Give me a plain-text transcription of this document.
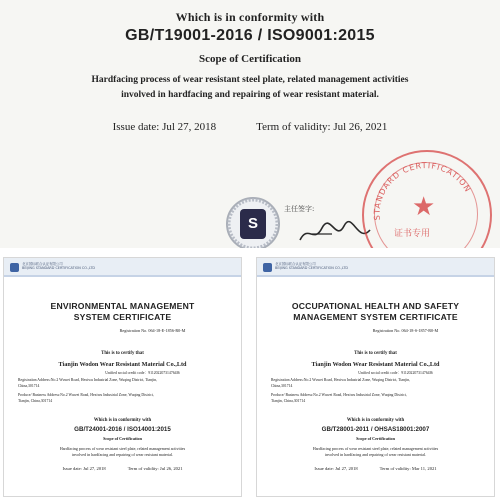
Which is in conformity with
GB/T19001-2016 / ISO9001:2015
Scope of Certification
Hardfacing process of wear resistant steel plate, related management activities
involved in hardfacing and repairing of wear resistant material.
Issue date: Jul 27, 2018	Term of validity: Jul 26, 2021
S
主任签字:
STANDARD CERTIFICATION
★
证书专用
北京国标联合认证有限公司
BEIJING STANDARD CERTIFICATION CO.,LTD
ENVIRONMENTAL MANAGEMENT
SYSTEM CERTIFICATE
Registration No. 064-18-E-1856-R0-M
This is to certify that
Tianjin Wodon Wear Resistant Material Co.,Ltd
Unified social credit code：911202207314764I6
Registration Address:No.2 Wuwei Road, Hexiwu Industrial Zone, Wuqing District, Tianjin,
China,301714
Produce/ Business Address:No.2 Wuwei Road, Hexiwu Industrial Zone, Wuqing District,
Tianjin, China,301714
Which is in conformity with
GB/T24001-2016 / ISO14001:2015
Scope of Certification
Hardfacing process of wear resistant steel plate, related management activities
involved in hardfacing and repairing of wear resistant material.
Issue date: Jul 27, 2018	Term of validity: Jul 26, 2021
北京国标联合认证有限公司
BEIJING STANDARD CERTIFICATION CO.,LTD
OCCUPATIONAL HEALTH AND SAFETY
MANAGEMENT SYSTEM CERTIFICATE
Registration No. 064-18-S-1857-R0-M
This is to certify that
Tianjin Wodon Wear Resistant Material Co.,Ltd
Unified social credit code：911202207314764I6
Registration Address:No.2 Wuwei Road, Hexiwu Industrial Zone, Wuqing District, Tianjin,
China,301714
Produce/ Business Address:No.2 Wuwei Road, Hexiwu Industrial Zone, Wuqing District,
Tianjin, China,301714
Which is in conformity with
GB/T28001-2011 / OHSAS18001:2007
Scope of Certification
Hardfacing process of wear resistant steel plate, related management activities
involved in hardfacing and repairing of wear resistant material.
Issue date: Jul 27, 2018	Term of validity: Mar 11, 2021
